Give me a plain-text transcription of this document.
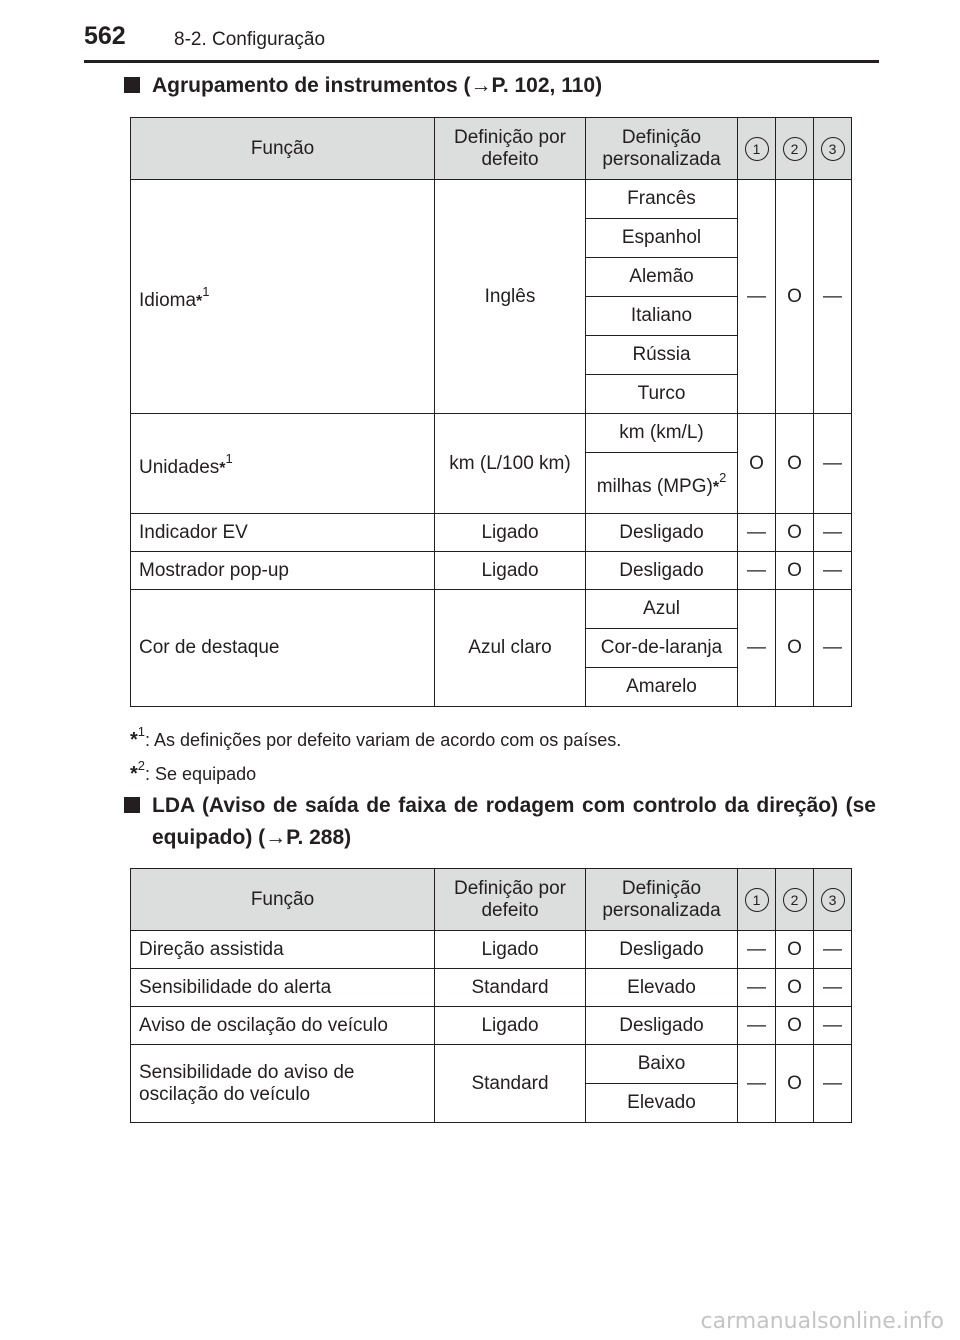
562	8-2. Configuração
Agrupamento de instrumentos (→P. 102, 110)
Função	Definição por defeito	Definição personalizada	1	2	3
Idioma*$^1$	Inglês	Francês	—	O	—
		Espanhol			
		Alemão			
		Italiano			
		Rússia			
		Turco			
Unidades*$^1$	km (L/100 km)	km (km/L)	O	O	—
		milhas (MPG)*$^2$
Indicador EV	Ligado	Desligado	—	O	—
Mostrador pop-up	Ligado	Desligado	—	O	—
Cor de destaque	Azul claro	Azul	—	O	—
		Cor-de-laranja			
		Amarelo			
*$^1$: As definições por defeito variam de acordo com os países.
*$^2$: Se equipado
LDA (Aviso de saída de faixa de rodagem com controlo da direção) (se equipado) (→P. 288)
Função	Definição por defeito	Definição personalizada	1	2	3
Direção assistida	Ligado	Desligado	—	O	—
Sensibilidade do alerta	Standard	Elevado	—	O	—
Aviso de oscilação do veículo	Ligado	Desligado	—	O	—
Sensibilidade do aviso de oscilação do veículo	Standard	Baixo	—	O	—
		Elevado			
carmanualsonline.info
